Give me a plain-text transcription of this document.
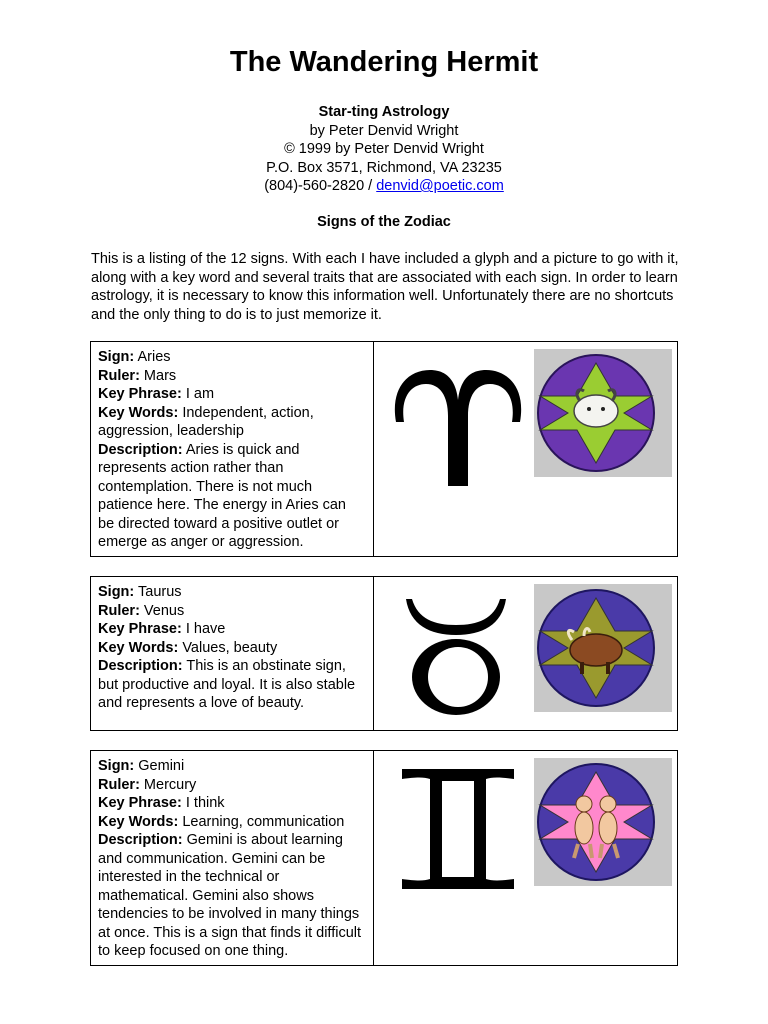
The Wandering Hermit
Star-ting Astrology
by Peter Denvid Wright
© 1999 by Peter Denvid Wright
P.O. Box 3571, Richmond, VA 23235
(804)-560-2820 / denvid@poetic.com
Signs of the Zodiac
This is a listing of the 12 signs. With each I have included a glyph and a picture to go with it, along with a key word and several traits that are associated with each sign. In order to learn astrology, it is necessary to know this information well. Unfortunately there are no shortcuts and the only thing to do is to just memorize it.
Sign: Aries
Ruler: Mars
Key Phrase: I am
Key Words: Independent, action, aggression, leadership
Description: Aries is quick and represents action rather than contemplation. There is not much patience here. The energy in Aries can be directed toward a positive outlet or emerge as anger or aggression.
Sign: Taurus
Ruler: Venus
Key Phrase: I have
Key Words: Values, beauty
Description: This is an obstinate sign, but productive and loyal. It is also stable and represents a love of beauty.
Sign: Gemini
Ruler: Mercury
Key Phrase: I think
Key Words: Learning, communication
Description: Gemini is about learning and communication. Gemini can be interested in the technical or mathematical. Gemini also shows tendencies to be involved in many things at once. This is a sign that finds it difficult to keep focused on one thing.
